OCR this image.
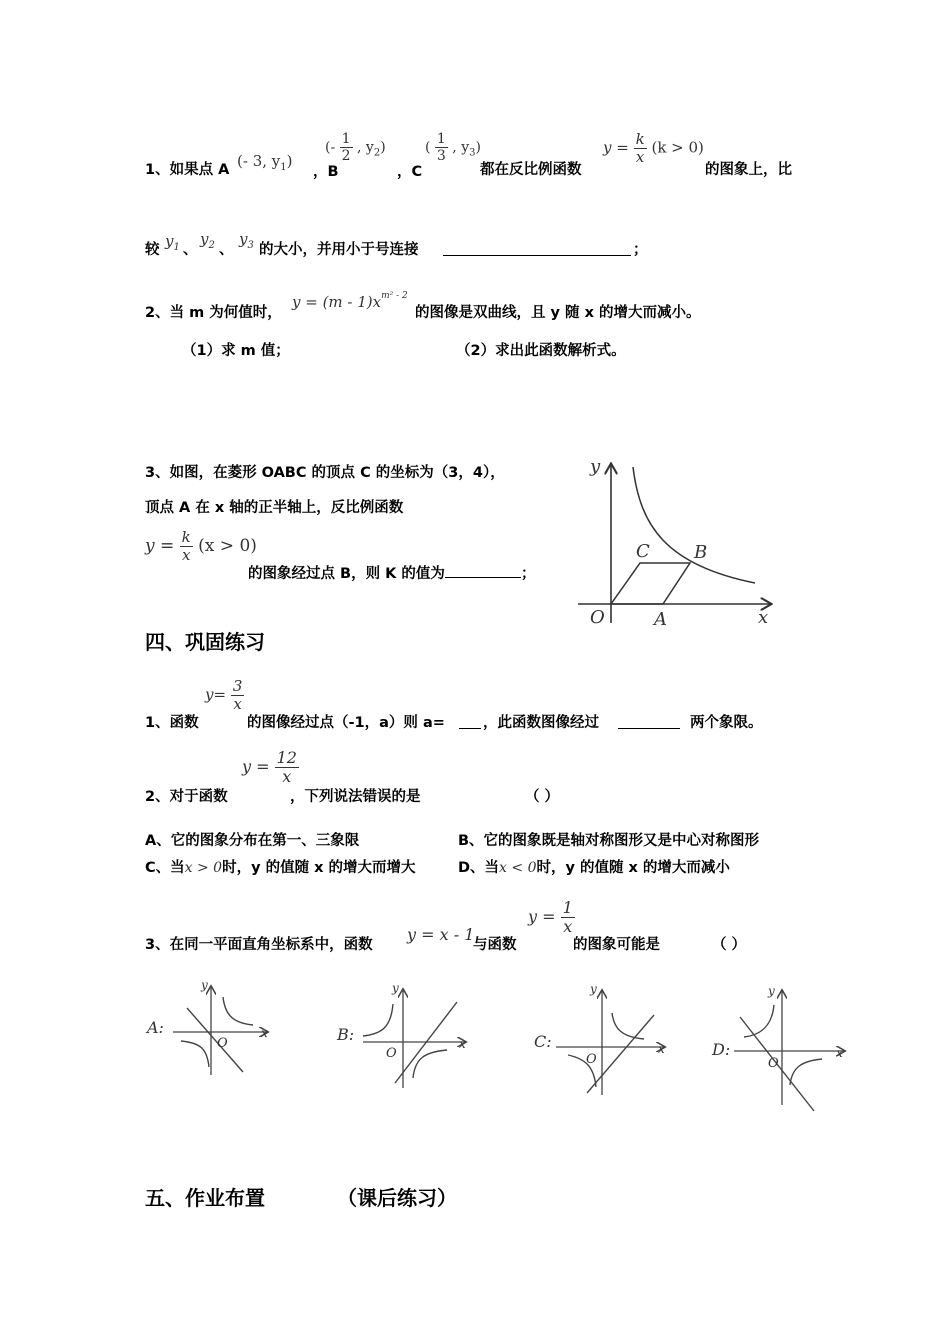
1、如果点 A (- 3, $y_1$)
，B
(- $\frac{1}{2}$ , $y_2$)
，C
( $\frac{1}{3}$ , $y_3$)
都在反比例函数
$y = \frac{k}{x} (k > 0)$
的图象上，比
较 $y_1$ 、
$y_2$ 、
$y_3$ 的大小，并用小于号连接	；
2、当 m 为何值时，
$y = (m - 1)x^{m^2 - 2}$
的图像是双曲线，且 y 随 x 的增大而减小。
（1）求 m 值；	（2）求出此函数解析式。
3、如图，在菱形 OABC 的顶点 C 的坐标为（3，4），
顶点 A 在 x 轴的正半轴上，反比例函数
$y = \frac{k}{x} (x > 0)$
的图象经过点 B，则 K 的值为	；
y
x
O	A
B
C
四、巩固练习
1、函数
$y= \frac{3}{x}$
的图像经过点（-1，a）则 a=	，此函数图像经过	两个象限。
2、对于函数
$y = \frac{12}{x}$
，下列说法错误的是	（ ）
A、它的图象分布在第一、三象限	B、它的图象既是轴对称图形又是中心对称图形
C、当x > 0时，y 的值随 x 的增大而增大	D、当x < 0时，y 的值随 x 的增大而减小
3、在同一平面直角坐标系中，函数
y = x - 1
与函数
$y = \frac{1}{x}$
的图象可能是	（ ）
A:
y
x
O	B:
y
x
O
C:
y
x
O
D:
y
x
O
五、作业布置	（课后练习）
